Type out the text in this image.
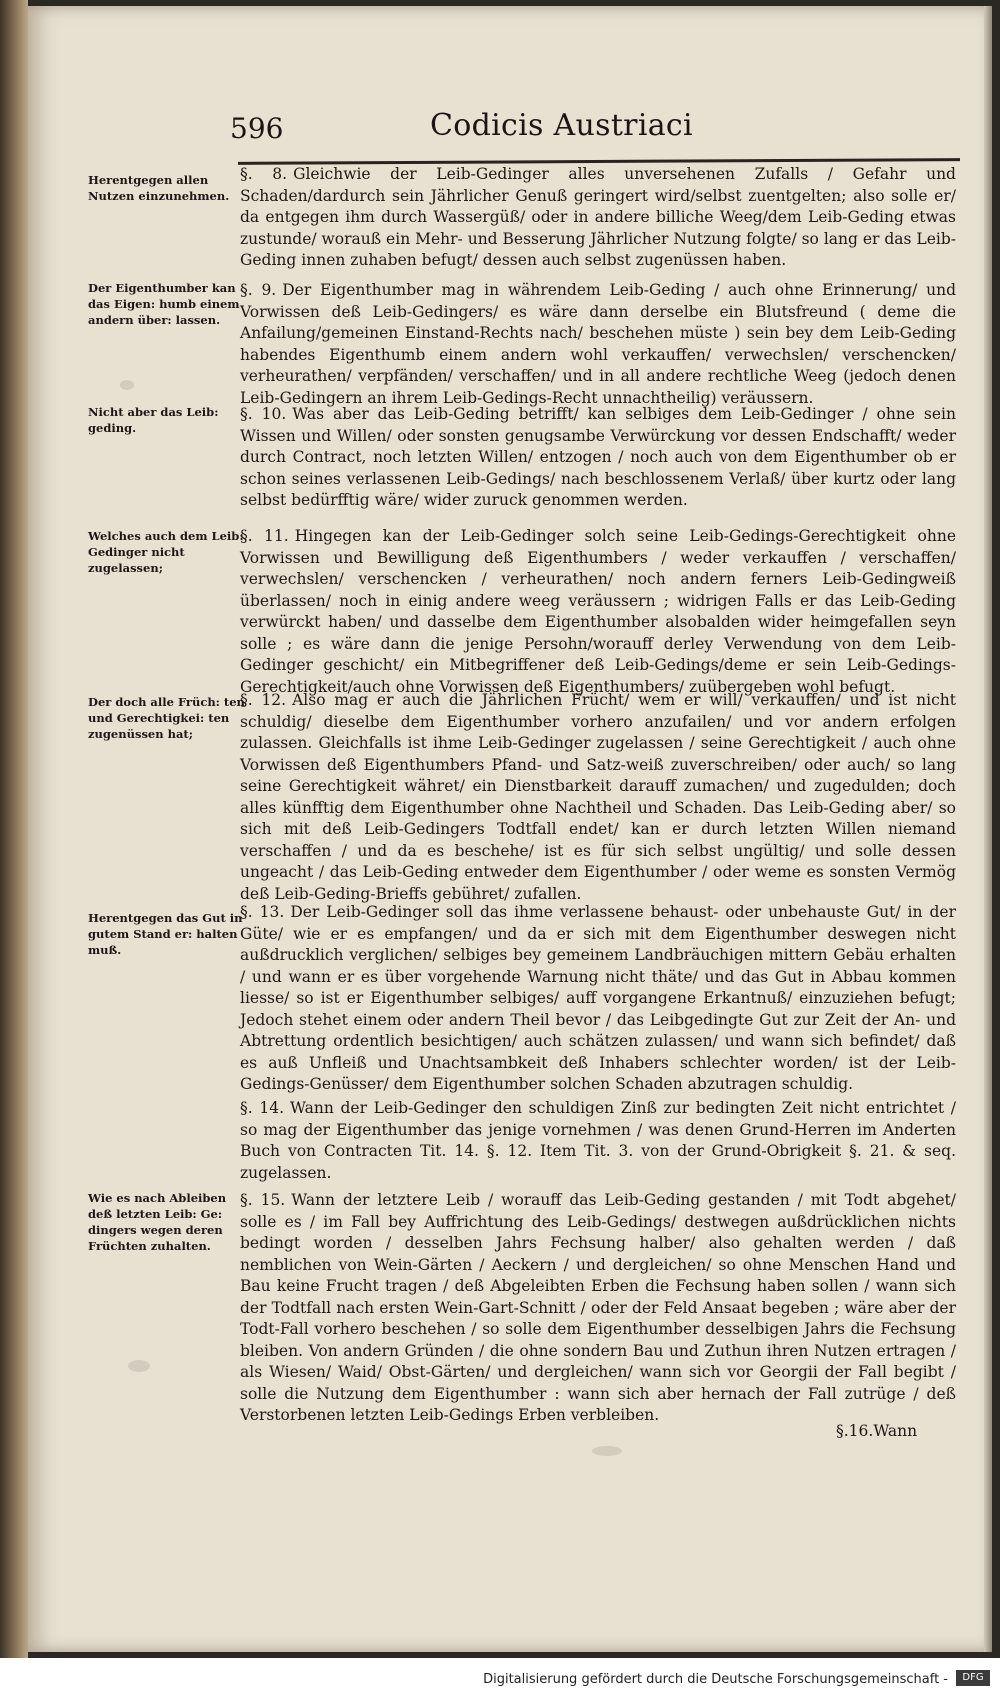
596	Codicis Austriaci
Herentgegen allen Nutzen einzunehmen.
Der Eigenthumber kan das Eigen: humb einem andern über: lassen.
Nicht aber das Leib: geding.
Welches auch dem Leib: Gedinger nicht zugelassen;
Der doch alle Früch: ten und Gerechtigkei: ten zugenüssen hat;
Herentgegen das Gut in gutem Stand er: halten muß.
Wie es nach Ableiben deß letzten Leib: Ge: dingers wegen deren Früchten zuhalten.
§. 8. Gleichwie der Leib-Gedinger alles unversehenen Zufalls / Gefahr und Schaden/dardurch sein Jährlicher Genuß geringert wird/selbst zuentgelten; also solle er/ da entgegen ihm durch Wassergüß/ oder in andere billiche Weeg/dem Leib-Geding etwas zustunde/ worauß ein Mehr- und Besserung Jährlicher Nutzung folgte/ so lang er das Leib-Geding innen zuhaben befugt/ dessen auch selbst zugenüssen haben.
§. 9. Der Eigenthumber mag in währendem Leib-Geding / auch ohne Erinnerung/ und Vorwissen deß Leib-Gedingers/ es wäre dann derselbe ein Blutsfreund ( deme die Anfailung/gemeinen Einstand-Rechts nach/ beschehen müste ) sein bey dem Leib-Geding habendes Eigenthumb einem andern wohl verkauffen/ verwechslen/ verschencken/ verheurathen/ verpfänden/ verschaffen/ und in all andere rechtliche Weeg (jedoch denen Leib-Gedingern an ihrem Leib-Gedings-Recht unnachtheilig) veräussern.
§. 10. Was aber das Leib-Geding betrifft/ kan selbiges dem Leib-Gedinger / ohne sein Wissen und Willen/ oder sonsten genugsambe Verwürckung vor dessen Endschafft/ weder durch Contract, noch letzten Willen/ entzogen / noch auch von dem Eigenthumber ob er schon seines verlassenen Leib-Gedings/ nach beschlossenem Verlaß/ über kurtz oder lang selbst bedürfftig wäre/ wider zuruck genommen werden.
§. 11. Hingegen kan der Leib-Gedinger solch seine Leib-Gedings-Gerechtigkeit ohne Vorwissen und Bewilligung deß Eigenthumbers / weder verkauffen / verschaffen/ verwechslen/ verschencken / verheurathen/ noch andern ferners Leib-Gedingweiß überlassen/ noch in einig andere weeg veräussern ; widrigen Falls er das Leib-Geding verwürckt haben/ und dasselbe dem Eigenthumber alsobalden wider heimgefallen seyn solle ; es wäre dann die jenige Persohn/worauff derley Verwendung von dem Leib-Gedinger geschicht/ ein Mitbegriffener deß Leib-Gedings/deme er sein Leib-Gedings-Gerechtigkeit/auch ohne Vorwissen deß Eigenthumbers/ zuübergeben wohl befugt.
§. 12. Also mag er auch die Jährlichen Frücht/ wem er will/ verkauffen/ und ist nicht schuldig/ dieselbe dem Eigenthumber vorhero anzufailen/ und vor andern erfolgen zulassen. Gleichfalls ist ihme Leib-Gedinger zugelassen / seine Gerechtigkeit / auch ohne Vorwissen deß Eigenthumbers Pfand- und Satz-weiß zuverschreiben/ oder auch/ so lang seine Gerechtigkeit währet/ ein Dienstbarkeit darauff zumachen/ und zugedulden; doch alles künfftig dem Eigenthumber ohne Nachtheil und Schaden. Das Leib-Geding aber/ so sich mit deß Leib-Gedingers Todtfall endet/ kan er durch letzten Willen niemand verschaffen / und da es beschehe/ ist es für sich selbst ungültig/ und solle dessen ungeacht / das Leib-Geding entweder dem Eigenthumber / oder weme es sonsten Vermög deß Leib-Geding-Brieffs gebühret/ zufallen.
§. 13. Der Leib-Gedinger soll das ihme verlassene behaust- oder unbehauste Gut/ in der Güte/ wie er es empfangen/ und da er sich mit dem Eigenthumber deswegen nicht außdrucklich verglichen/ selbiges bey gemeinem Landbräuchigen mittern Gebäu erhalten / und wann er es über vorgehende Warnung nicht thäte/ und das Gut in Abbau kommen liesse/ so ist er Eigenthumber selbiges/ auff vorgangene Erkantnuß/ einzuziehen befugt; Jedoch stehet einem oder andern Theil bevor / das Leibgedingte Gut zur Zeit der An- und Abtrettung ordentlich besichtigen/ auch schätzen zulassen/ und wann sich befindet/ daß es auß Unfleiß und Unachtsambkeit deß Inhabers schlechter worden/ ist der Leib-Gedings-Genüsser/ dem Eigenthumber solchen Schaden abzutragen schuldig.
§. 14. Wann der Leib-Gedinger den schuldigen Zinß zur bedingten Zeit nicht entrichtet / so mag der Eigenthumber das jenige vornehmen / was denen Grund-Herren im Anderten Buch von Contracten Tit. 14. §. 12. Item Tit. 3. von der Grund-Obrigkeit §. 21. & seq. zugelassen.
§. 15. Wann der letztere Leib / worauff das Leib-Geding gestanden / mit Todt abgehet/ solle es / im Fall bey Auffrichtung des Leib-Gedings/ destwegen außdrücklichen nichts bedingt worden / desselben Jahrs Fechsung halber/ also gehalten werden / daß nemblichen von Wein-Gärten / Aeckern / und dergleichen/ so ohne Menschen Hand und Bau keine Frucht tragen / deß Abgeleibten Erben die Fechsung haben sollen / wann sich der Todtfall nach ersten Wein-Gart-Schnitt / oder der Feld Ansaat begeben ; wäre aber der Todt-Fall vorhero beschehen / so solle dem Eigenthumber desselbigen Jahrs die Fechsung bleiben. Von andern Gründen / die ohne sondern Bau und Zuthun ihren Nutzen ertragen / als Wiesen/ Waid/ Obst-Gärten/ und dergleichen/ wann sich vor Georgii der Fall begibt / solle die Nutzung dem Eigenthumber : wann sich aber hernach der Fall zutrüge / deß Verstorbenen letzten Leib-Gedings Erben verbleiben.
§.16.Wann
Digitalisierung gefördert durch die Deutsche Forschungsgemeinschaft -	DFG
